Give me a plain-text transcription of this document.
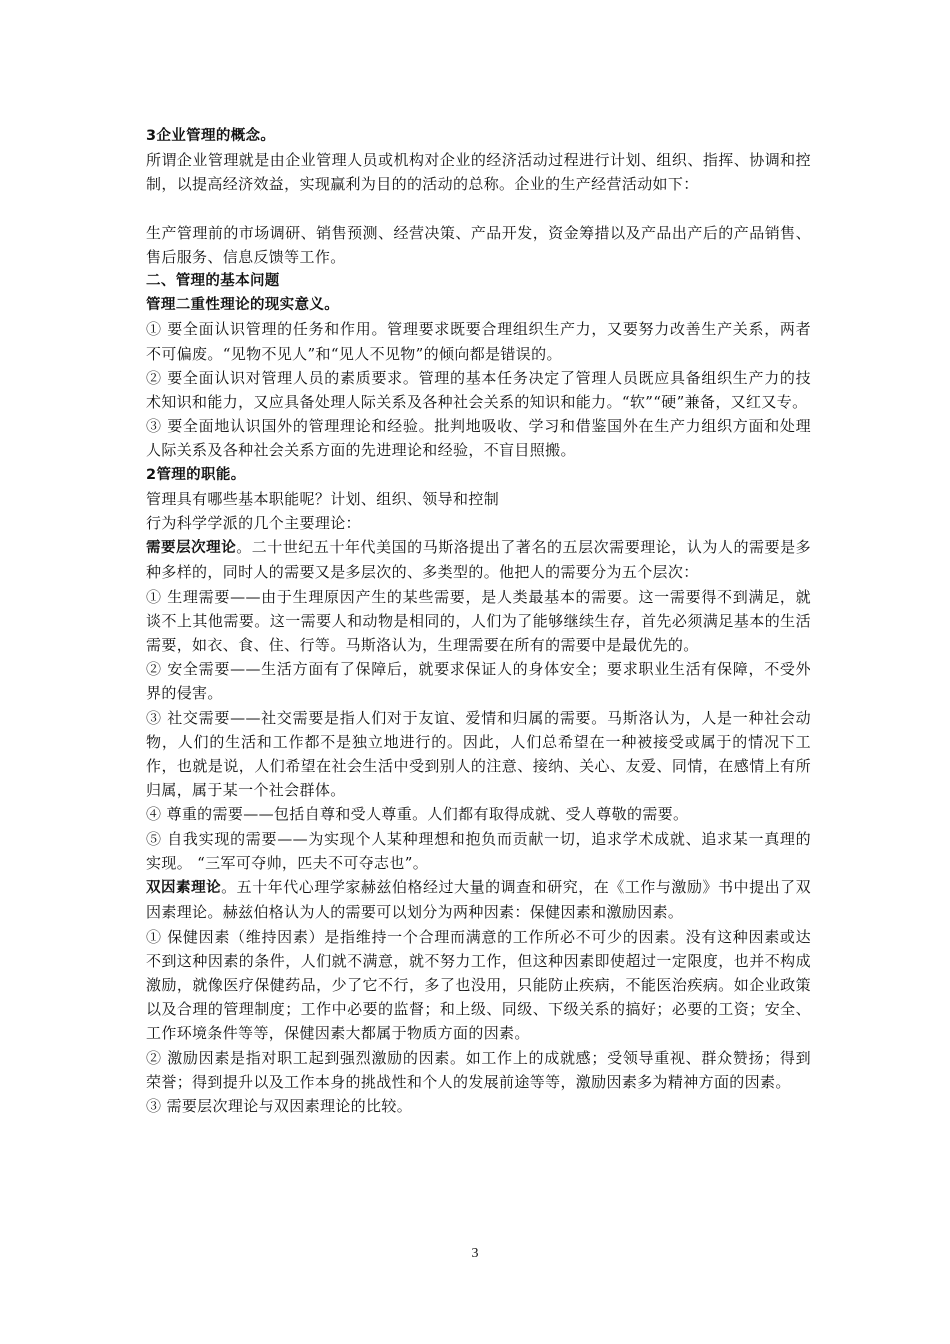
3企业管理的概念。

所谓企业管理就是由企业管理人员或机构对企业的经济活动过程进行计划、组织、指挥、协调和控制，以提高经济效益，实现赢利为目的的活动的总称。企业的生产经营活动如下：

生产管理前的市场调研、销售预测、经营决策、产品开发，资金筹措以及产品出产后的产品销售、售后服务、信息反馈等工作。

二、管理的基本问题

管理二重性理论的现实意义。

① 要全面认识管理的任务和作用。管理要求既要合理组织生产力，又要努力改善生产关系，两者不可偏废。“见物不见人”和“见人不见物”的倾向都是错误的。

② 要全面认识对管理人员的素质要求。管理的基本任务决定了管理人员既应具备组织生产力的技术知识和能力，又应具备处理人际关系及各种社会关系的知识和能力。“软”“硬”兼备，又红又专。

③ 要全面地认识国外的管理理论和经验。批判地吸收、学习和借鉴国外在生产力组织方面和处理人际关系及各种社会关系方面的先进理论和经验，不盲目照搬。

2管理的职能。

管理具有哪些基本职能呢？计划、组织、领导和控制

行为科学学派的几个主要理论：

需要层次理论。二十世纪五十年代美国的马斯洛提出了著名的五层次需要理论，认为人的需要是多种多样的，同时人的需要又是多层次的、多类型的。他把人的需要分为五个层次：

① 生理需要——由于生理原因产生的某些需要，是人类最基本的需要。这一需要得不到满足，就谈不上其他需要。这一需要人和动物是相同的，人们为了能够继续生存，首先必须满足基本的生活需要，如衣、食、住、行等。马斯洛认为，生理需要在所有的需要中是最优先的。

② 安全需要——生活方面有了保障后，就要求保证人的身体安全；要求职业生活有保障，不受外界的侵害。

③ 社交需要——社交需要是指人们对于友谊、爱情和归属的需要。马斯洛认为，人是一种社会动物，人们的生活和工作都不是独立地进行的。因此，人们总希望在一种被接受或属于的情况下工作，也就是说，人们希望在社会生活中受到别人的注意、接纳、关心、友爱、同情，在感情上有所归属，属于某一个社会群体。

④ 尊重的需要——包括自尊和受人尊重。人们都有取得成就、受人尊敬的需要。

⑤ 自我实现的需要——为实现个人某种理想和抱负而贡献一切，追求学术成就、追求某一真理的实现。 “三军可夺帅，匹夫不可夺志也”。

双因素理论。五十年代心理学家赫兹伯格经过大量的调查和研究，在《工作与激励》书中提出了双因素理论。赫兹伯格认为人的需要可以划分为两种因素：保健因素和激励因素。

① 保健因素（维持因素）是指维持一个合理而满意的工作所必不可少的因素。没有这种因素或达不到这种因素的条件，人们就不满意，就不努力工作，但这种因素即使超过一定限度，也并不构成激励，就像医疗保健药品，少了它不行，多了也没用，只能防止疾病，不能医治疾病。如企业政策以及合理的管理制度；工作中必要的监督；和上级、同级、下级关系的搞好；必要的工资；安全、工作环境条件等等，保健因素大都属于物质方面的因素。

② 激励因素是指对职工起到强烈激励的因素。如工作上的成就感；受领导重视、群众赞扬；得到荣誉；得到提升以及工作本身的挑战性和个人的发展前途等等，激励因素多为精神方面的因素。

③ 需要层次理论与双因素理论的比较。

3
